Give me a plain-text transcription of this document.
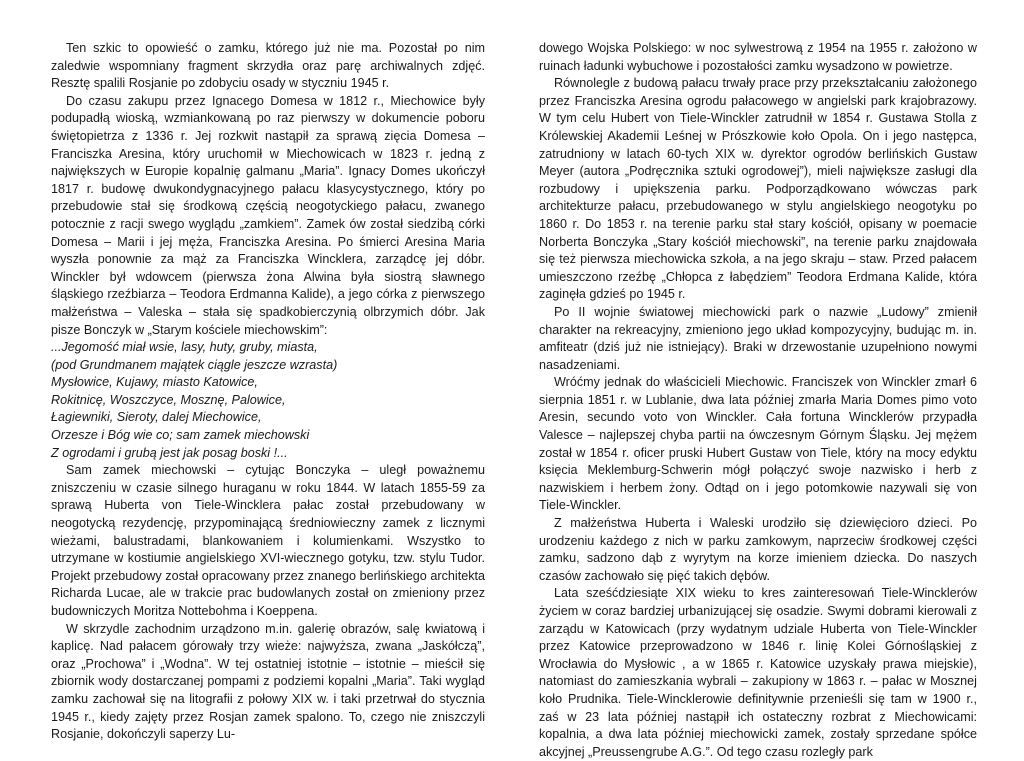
Ten szkic to opowieść o zamku, którego już nie ma. Pozostał po nim zaledwie wspomniany fragment skrzydła oraz parę archiwalnych zdjęć. Resztę spalili Rosjanie po zdobyciu osady w styczniu 1945 r.

Do czasu zakupu przez Ignacego Domesa w 1812 r., Miechowice były podupadłą wioską, wzmiankowaną po raz pierwszy w dokumencie poboru świętopietrza z 1336 r. Jej rozkwit nastąpił za sprawą zięcia Domesa – Franciszka Aresina, który uruchomił w Miechowicach w 1823 r. jedną z największych w Europie kopalnię galmanu „Maria”. Ignacy Domes ukończył 1817 r. budowę dwukondygnacyjnego pałacu klasycystycznego, który po przebudowie stał się środkową częścią neogotyckiego pałacu, zwanego potocznie z racji swego wyglądu „zamkiem”. Zamek ów został siedzibą córki Domesa – Marii i jej męża, Franciszka Aresina. Po śmierci Aresina Maria wyszła ponownie za mąż za Franciszka Wincklera, zarządcę jej dóbr. Winckler był wdowcem (pierwsza żona Alwina była siostrą sławnego śląskiego rzeźbiarza – Teodora Erdmanna Kalide), a jego córka z pierwszego małżeństwa – Valeska – stała się spadkobierczynią olbrzymich dóbr. Jak pisze Bonczyk w „Starym kościele miechowskim”:

...Jegomość miał wsie, lasy, huty, gruby, miasta,
(pod Grundmanem majątek ciągle jeszcze wzrasta)
Mysłowice, Kujawy, miasto Katowice,
Rokitnicę, Woszczyce, Mosznę, Palowice,
Łagiewniki, Sieroty, dalej Miechowice,
Orzesze i Bóg wie co; sam zamek miechowski
Z ogrodami i grubą jest jak posag boski !...

Sam zamek miechowski – cytując Bonczyka – uległ poważnemu zniszczeniu w czasie silnego huraganu w roku 1844. W latach 1855-59 za sprawą Huberta von Tiele-Wincklera pałac został przebudowany w neogotycką rezydencję, przypominającą średniowieczny zamek z licznymi wieżami, balustradami, blankowaniem i kolumienkami. Wszystko to utrzymane w kostiumie angielskiego XVI-wiecznego gotyku, tzw. stylu Tudor. Projekt przebudowy został opracowany przez znanego berlińskiego architekta Richarda Lucae, ale w trakcie prac budowlanych został on zmieniony przez budowniczych Moritza Nottebohma i Koeppena.

W skrzydle zachodnim urządzono m.in. galerię obrazów, salę kwiatową i kaplicę. Nad pałacem górowały trzy wieże: najwyższa, zwana „Jaskółczą”, oraz „Prochowa” i „Wodna”. W tej ostatniej istotnie – istotnie – mieścił się zbiornik wody dostarczanej pompami z podziemi kopalni „Maria”. Taki wygląd zamku zachował się na litografii z połowy XIX w. i taki przetrwał do stycznia 1945 r., kiedy zajęty przez Rosjan zamek spalono. To, czego nie zniszczyli Rosjanie, dokończyli saperzy Lu-

dowego Wojska Polskiego: w noc sylwestrową z 1954 na 1955 r. założono w ruinach ładunki wybuchowe i pozostałości zamku wysadzono w powietrze.

Równolegle z budową pałacu trwały prace przy przekształcaniu założonego przez Franciszka Aresina ogrodu pałacowego w angielski park krajobrazowy. W tym celu Hubert von Tiele-Winckler zatrudnił w 1854 r. Gustawa Stolla z Królewskiej Akademii Leśnej w Prószkowie koło Opola. On i jego następca, zatrudniony w latach 60-tych XIX w. dyrektor ogrodów berlińskich Gustaw Meyer (autora „Podręcznika sztuki ogrodowej”), mieli największe zasługi dla rozbudowy i upiększenia parku. Podporządkowano wówczas park architekturze pałacu, przebudowanego w stylu angielskiego neogotyku po 1860 r. Do 1853 r. na terenie parku stał stary kościół, opisany w poemacie Norberta Bonczyka „Stary kościół miechowski”, na terenie parku znajdowała się też pierwsza miechowicka szkoła, a na jego skraju – staw. Przed pałacem umieszczono rzeźbę „Chłopca z łabędziem” Teodora Erdmana Kalide, która zaginęła gdzieś po 1945 r.

Po II wojnie światowej miechowicki park o nazwie „Ludowy” zmienił charakter na rekreacyjny, zmieniono jego układ kompozycyjny, budując m. in. amfiteatr (dziś już nie istniejący). Braki w drzewostanie uzupełniono nowymi nasadzeniami.

Wróćmy jednak do właścicieli Miechowic. Franciszek von Winckler zmarł 6 sierpnia 1851 r. w Lublanie, dwa lata później zmarła Maria Domes pimo voto Aresin, secundo voto von Winckler. Cała fortuna Wincklerów przypadła Valesce – najlepszej chyba partii na ówczesnym Górnym Śląsku. Jej mężem został w 1854 r. oficer pruski Hubert Gustaw von Tiele, który na mocy edyktu księcia Meklemburg-Schwerin mógł połączyć swoje nazwisko i herb z nazwiskiem i herbem żony. Odtąd on i jego potomkowie nazywali się von Tiele-Winckler.

Z małżeństwa Huberta i Waleski urodziło się dziewięcioro dzieci. Po urodzeniu każdego z nich w parku zamkowym, naprzeciw środkowej części zamku, sadzono dąb z wyrytym na korze imieniem dziecka. Do naszych czasów zachowało się pięć takich dębów.

Lata sześćdziesiąte XIX wieku to kres zainteresowań Tiele-Wincklerów życiem w coraz bardziej urbanizującej się osadzie. Swymi dobrami kierowali z zarządu w Katowicach (przy wydatnym udziale Huberta von Tiele-Winckler przez Katowice przeprowadzono w 1846 r. linię Kolei Górnośląskiej z Wrocławia do Mysłowic , a w 1865 r. Katowice uzyskały prawa miejskie), natomiast do zamieszkania wybrali – zakupiony w 1863 r. – pałac w Mosznej koło Prudnika. Tiele-Wincklerowie definitywnie przenieśli się tam w 1900 r., zaś w 23 lata później nastąpił ich ostateczny rozbrat z Miechowicami: kopalnia, a dwa lata później miechowicki zamek, zostały sprzedane spółce akcyjnej „Preussengrube A.G.”. Od tego czasu rozległy park
